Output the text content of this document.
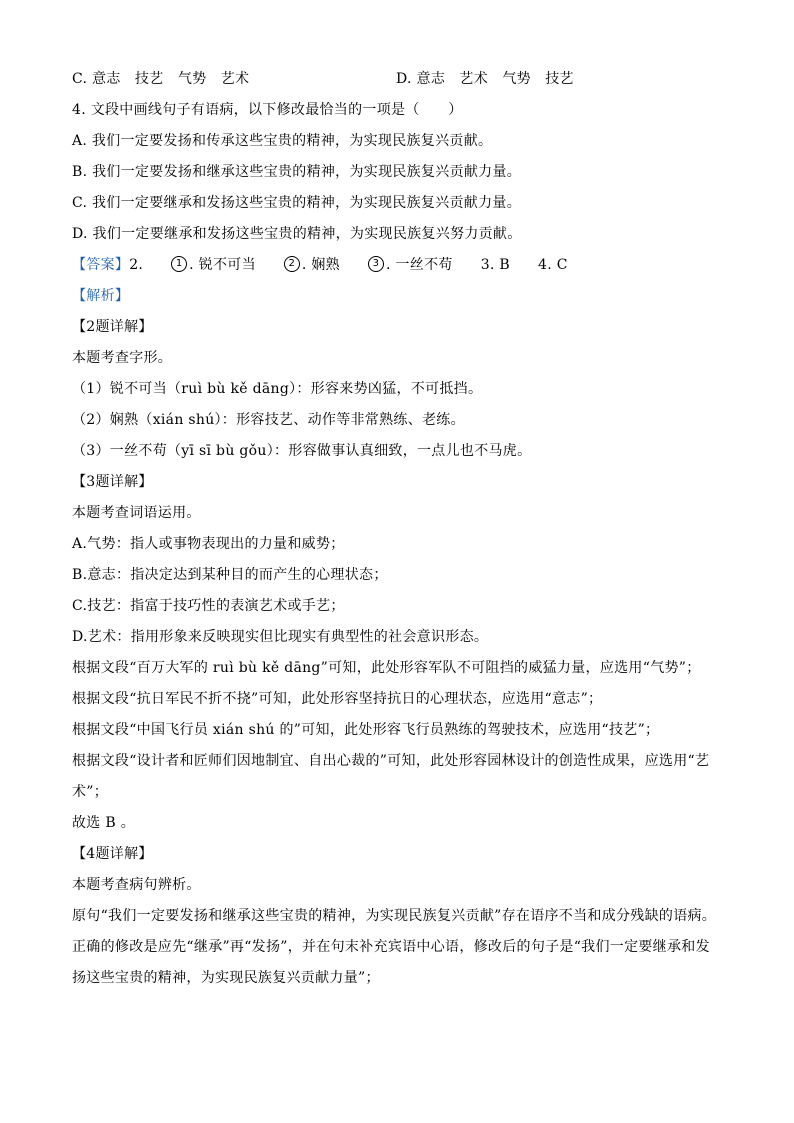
C. 意志　技艺　气势　艺术	D. 意志　艺术　气势　技艺
4. 文段中画线句子有语病，以下修改最恰当的一项是（　　）
A. 我们一定要发扬和传承这些宝贵的精神，为实现民族复兴贡献。
B. 我们一定要发扬和继承这些宝贵的精神，为实现民族复兴贡献力量。
C. 我们一定要继承和发扬这些宝贵的精神，为实现民族复兴贡献力量。
D. 我们一定要继承和发扬这些宝贵的精神，为实现民族复兴努力贡献。
【答案】2.	1 . 锐不可当	2 . 娴熟	3 . 一丝不苟 3. B 4. C
【解析】
【2题详解】
本题考查字形。
（1）锐不可当（ruì bù kě dāng）：形容来势凶猛，不可抵挡。
（2）娴熟（xián shú）：形容技艺、动作等非常熟练、老练。
（3）一丝不苟（yī sī bù gǒu）：形容做事认真细致，一点儿也不马虎。
【3题详解】
本题考查词语运用。
A.气势：指人或事物表现出的力量和威势；
B.意志：指决定达到某种目的而产生的心理状态；
C.技艺：指富于技巧性的表演艺术或手艺；
D.艺术：指用形象来反映现实但比现实有典型性的社会意识形态。
根据文段“百万大军的 ruì bù kě dāng”可知，此处形容军队不可阻挡的威猛力量，应选用“气势”；
根据文段“抗日军民不折不挠”可知，此处形容坚持抗日的心理状态，应选用“意志”；
根据文段“中国飞行员 xián shú 的”可知，此处形容飞行员熟练的驾驶技术，应选用“技艺”；
根据文段“设计者和匠师们因地制宜、自出心裁的”可知，此处形容园林设计的创造性成果，应选用“艺
术”；
故选 B 。
【4题详解】
本题考查病句辨析。
原句“我们一定要发扬和继承这些宝贵的精神，为实现民族复兴贡献”存在语序不当和成分残缺的语病。
正确的修改是应先“继承”再“发扬”，并在句末补充宾语中心语，修改后的句子是“我们一定要继承和发
扬这些宝贵的精神，为实现民族复兴贡献力量”；
